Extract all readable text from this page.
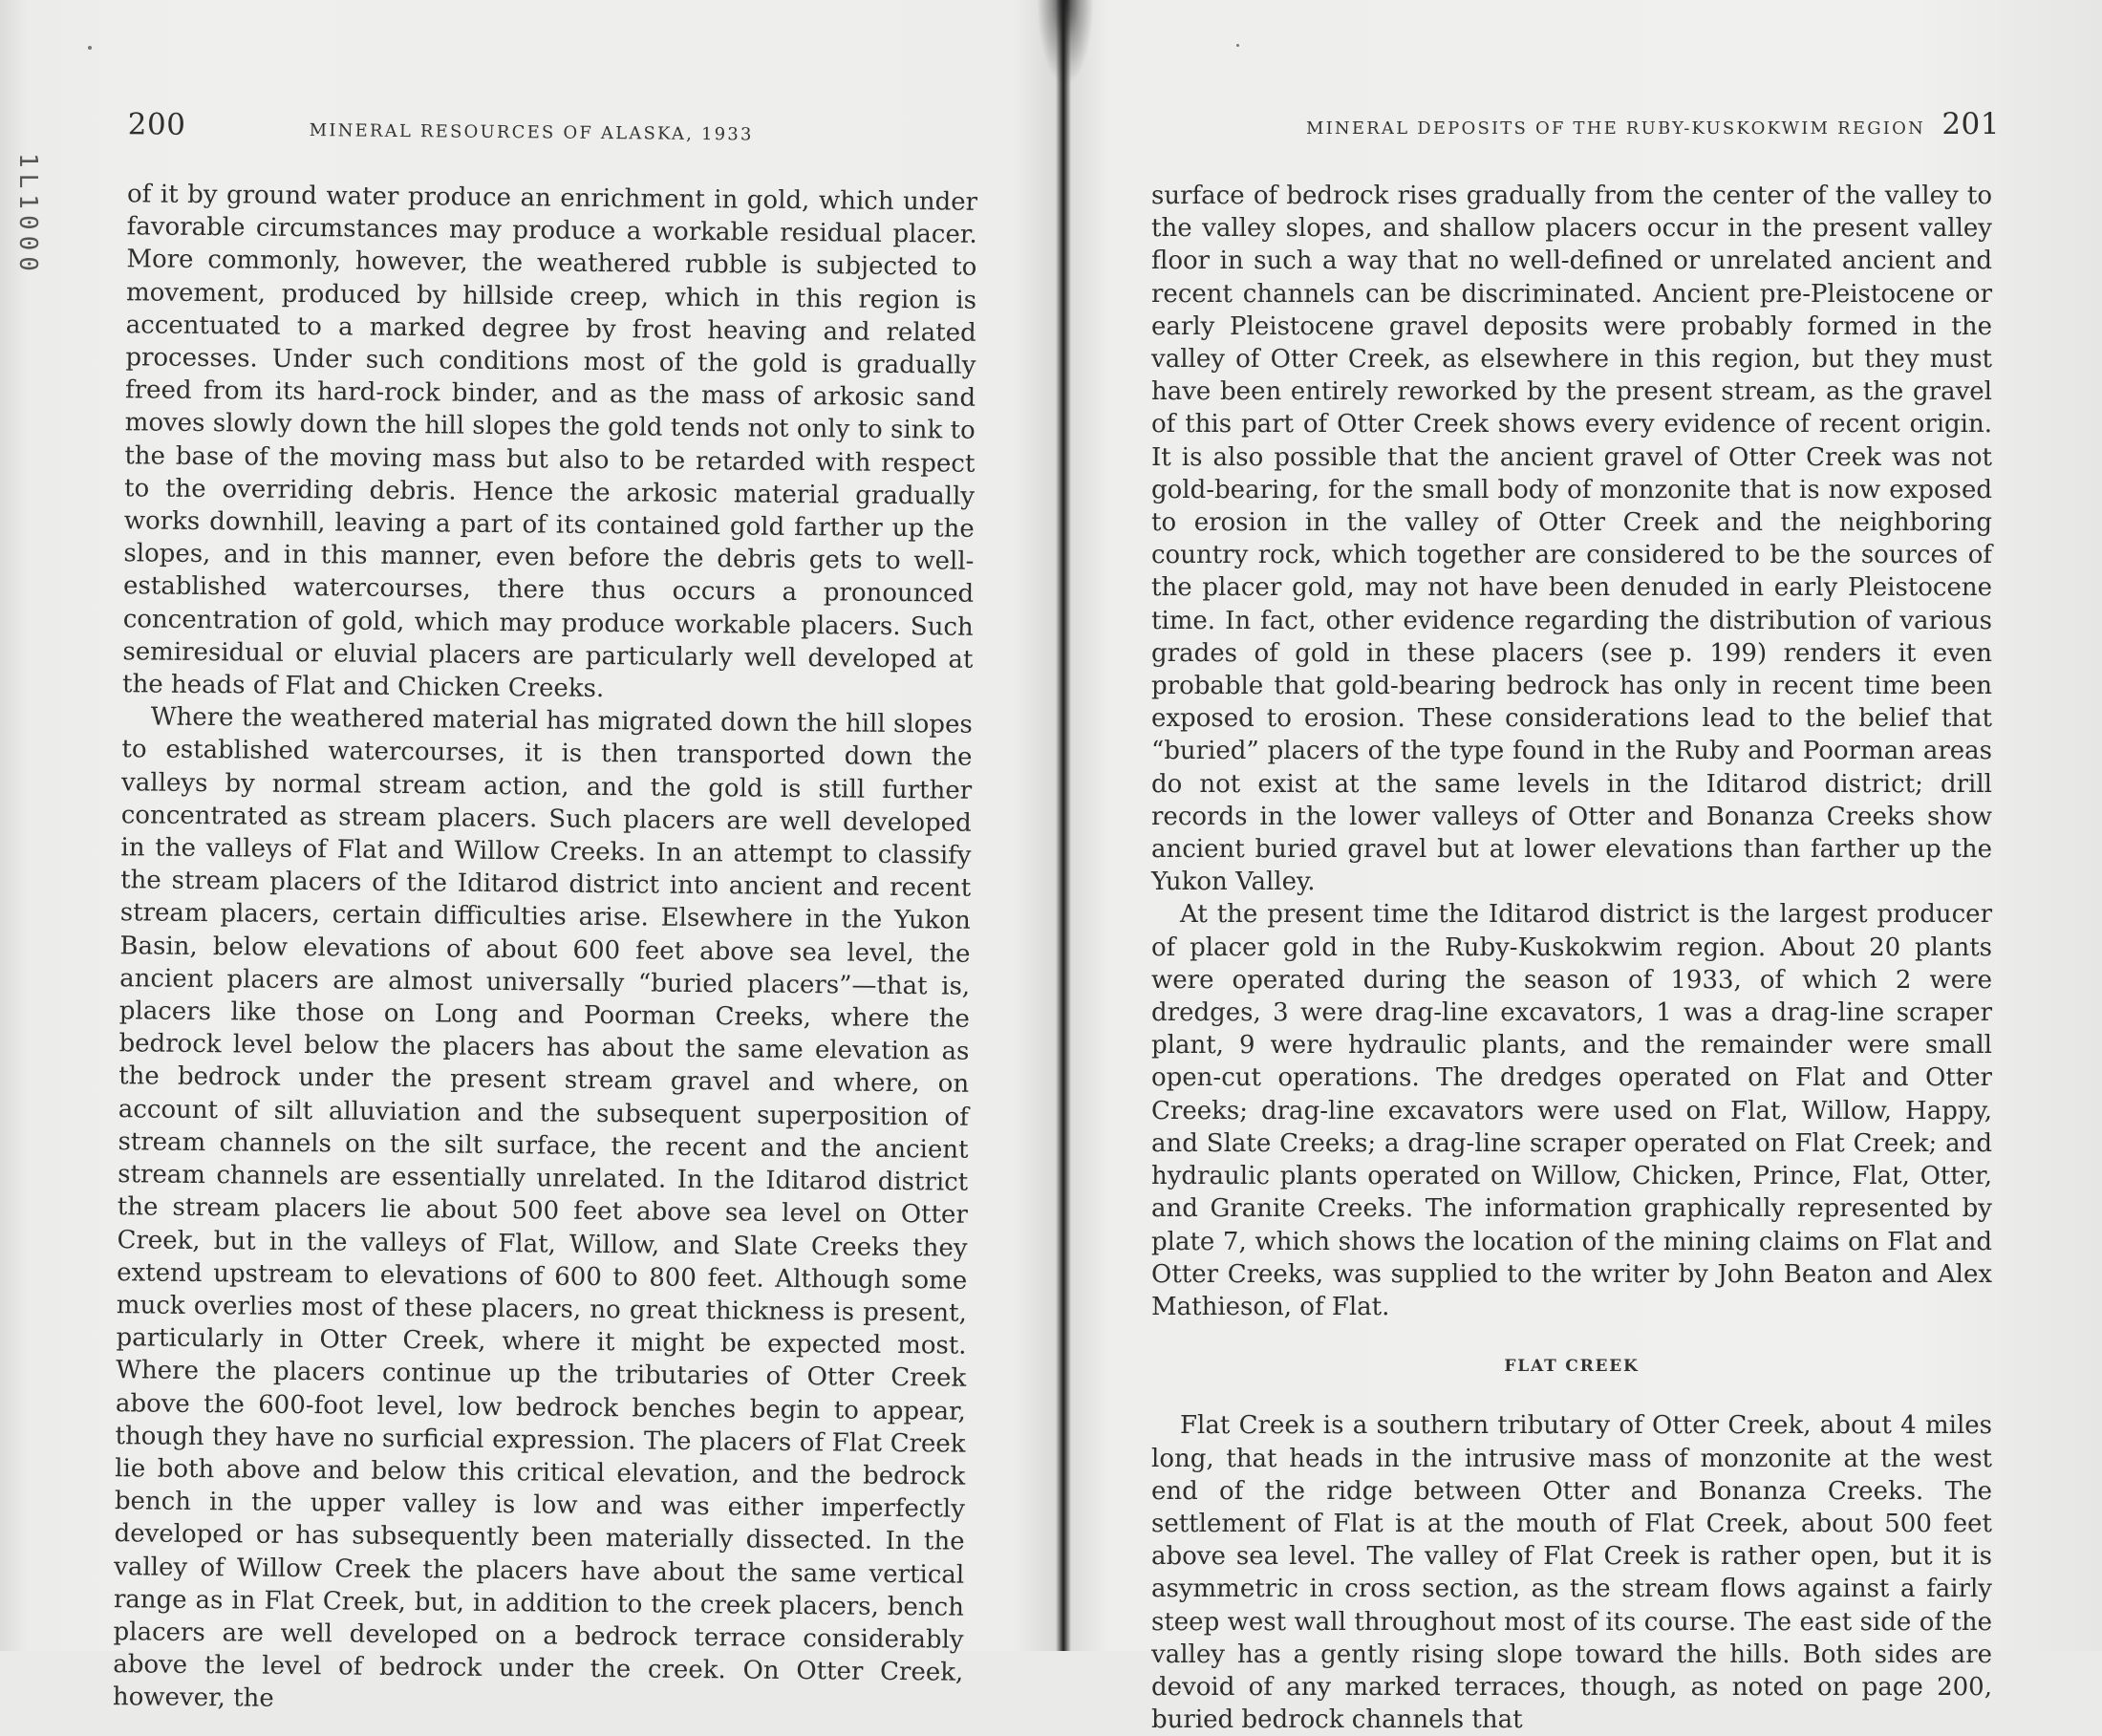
1L1000
200	MINERAL RESOURCES OF ALASKA, 1933

of it by ground water produce an enrichment in gold, which under favorable circumstances may produce a workable residual placer. More commonly, however, the weathered rubble is subjected to movement, produced by hillside creep, which in this region is accentuated to a marked degree by frost heaving and related processes. Under such conditions most of the gold is gradually freed from its hard-rock binder, and as the mass of arkosic sand moves slowly down the hill slopes the gold tends not only to sink to the base of the moving mass but also to be retarded with respect to the overriding debris. Hence the arkosic material gradually works downhill, leaving a part of its contained gold farther up the slopes, and in this manner, even before the debris gets to well-established watercourses, there thus occurs a pronounced concentration of gold, which may produce workable placers. Such semiresidual or eluvial placers are particularly well developed at the heads of Flat and Chicken Creeks.

Where the weathered material has migrated down the hill slopes to established watercourses, it is then transported down the valleys by normal stream action, and the gold is still further concentrated as stream placers. Such placers are well developed in the valleys of Flat and Willow Creeks. In an attempt to classify the stream placers of the Iditarod district into ancient and recent stream placers, certain difficulties arise. Elsewhere in the Yukon Basin, below elevations of about 600 feet above sea level, the ancient placers are almost universally “buried placers”—that is, placers like those on Long and Poorman Creeks, where the bedrock level below the placers has about the same elevation as the bedrock under the present stream gravel and where, on account of silt alluviation and the subsequent superposition of stream channels on the silt surface, the recent and the ancient stream channels are essentially unrelated. In the Iditarod district the stream placers lie about 500 feet above sea level on Otter Creek, but in the valleys of Flat, Willow, and Slate Creeks they extend upstream to elevations of 600 to 800 feet. Although some muck overlies most of these placers, no great thickness is present, particularly in Otter Creek, where it might be expected most. Where the placers continue up the tributaries of Otter Creek above the 600-foot level, low bedrock benches begin to appear, though they have no surficial expression. The placers of Flat Creek lie both above and below this critical elevation, and the bedrock bench in the upper valley is low and was either imperfectly developed or has subsequently been materially dissected. In the valley of Willow Creek the placers have about the same vertical range as in Flat Creek, but, in addition to the creek placers, bench placers are well developed on a bedrock terrace considerably above the level of bedrock under the creek. On Otter Creek, however, the

MINERAL DEPOSITS OF THE RUBY-KUSKOKWIM REGION 201

surface of bedrock rises gradually from the center of the valley to the valley slopes, and shallow placers occur in the present valley floor in such a way that no well-defined or unrelated ancient and recent channels can be discriminated. Ancient pre-Pleistocene or early Pleistocene gravel deposits were probably formed in the valley of Otter Creek, as elsewhere in this region, but they must have been entirely reworked by the present stream, as the gravel of this part of Otter Creek shows every evidence of recent origin. It is also possible that the ancient gravel of Otter Creek was not gold-bearing, for the small body of monzonite that is now exposed to erosion in the valley of Otter Creek and the neighboring country rock, which together are considered to be the sources of the placer gold, may not have been denuded in early Pleistocene time. In fact, other evidence regarding the distribution of various grades of gold in these placers (see p. 199) renders it even probable that gold-bearing bedrock has only in recent time been exposed to erosion. These considerations lead to the belief that “buried” placers of the type found in the Ruby and Poorman areas do not exist at the same levels in the Iditarod district; drill records in the lower valleys of Otter and Bonanza Creeks show ancient buried gravel but at lower elevations than farther up the Yukon Valley.

At the present time the Iditarod district is the largest producer of placer gold in the Ruby-Kuskokwim region. About 20 plants were operated during the season of 1933, of which 2 were dredges, 3 were drag-line excavators, 1 was a drag-line scraper plant, 9 were hydraulic plants, and the remainder were small open-cut operations. The dredges operated on Flat and Otter Creeks; drag-line excavators were used on Flat, Willow, Happy, and Slate Creeks; a drag-line scraper operated on Flat Creek; and hydraulic plants operated on Willow, Chicken, Prince, Flat, Otter, and Granite Creeks. The information graphically represented by plate 7, which shows the location of the mining claims on Flat and Otter Creeks, was supplied to the writer by John Beaton and Alex Mathieson, of Flat.

FLAT CREEK

Flat Creek is a southern tributary of Otter Creek, about 4 miles long, that heads in the intrusive mass of monzonite at the west end of the ridge between Otter and Bonanza Creeks. The settlement of Flat is at the mouth of Flat Creek, about 500 feet above sea level. The valley of Flat Creek is rather open, but it is asymmetric in cross section, as the stream flows against a fairly steep west wall throughout most of its course. The east side of the valley has a gently rising slope toward the hills. Both sides are devoid of any marked terraces, though, as noted on page 200, buried bedrock channels that
